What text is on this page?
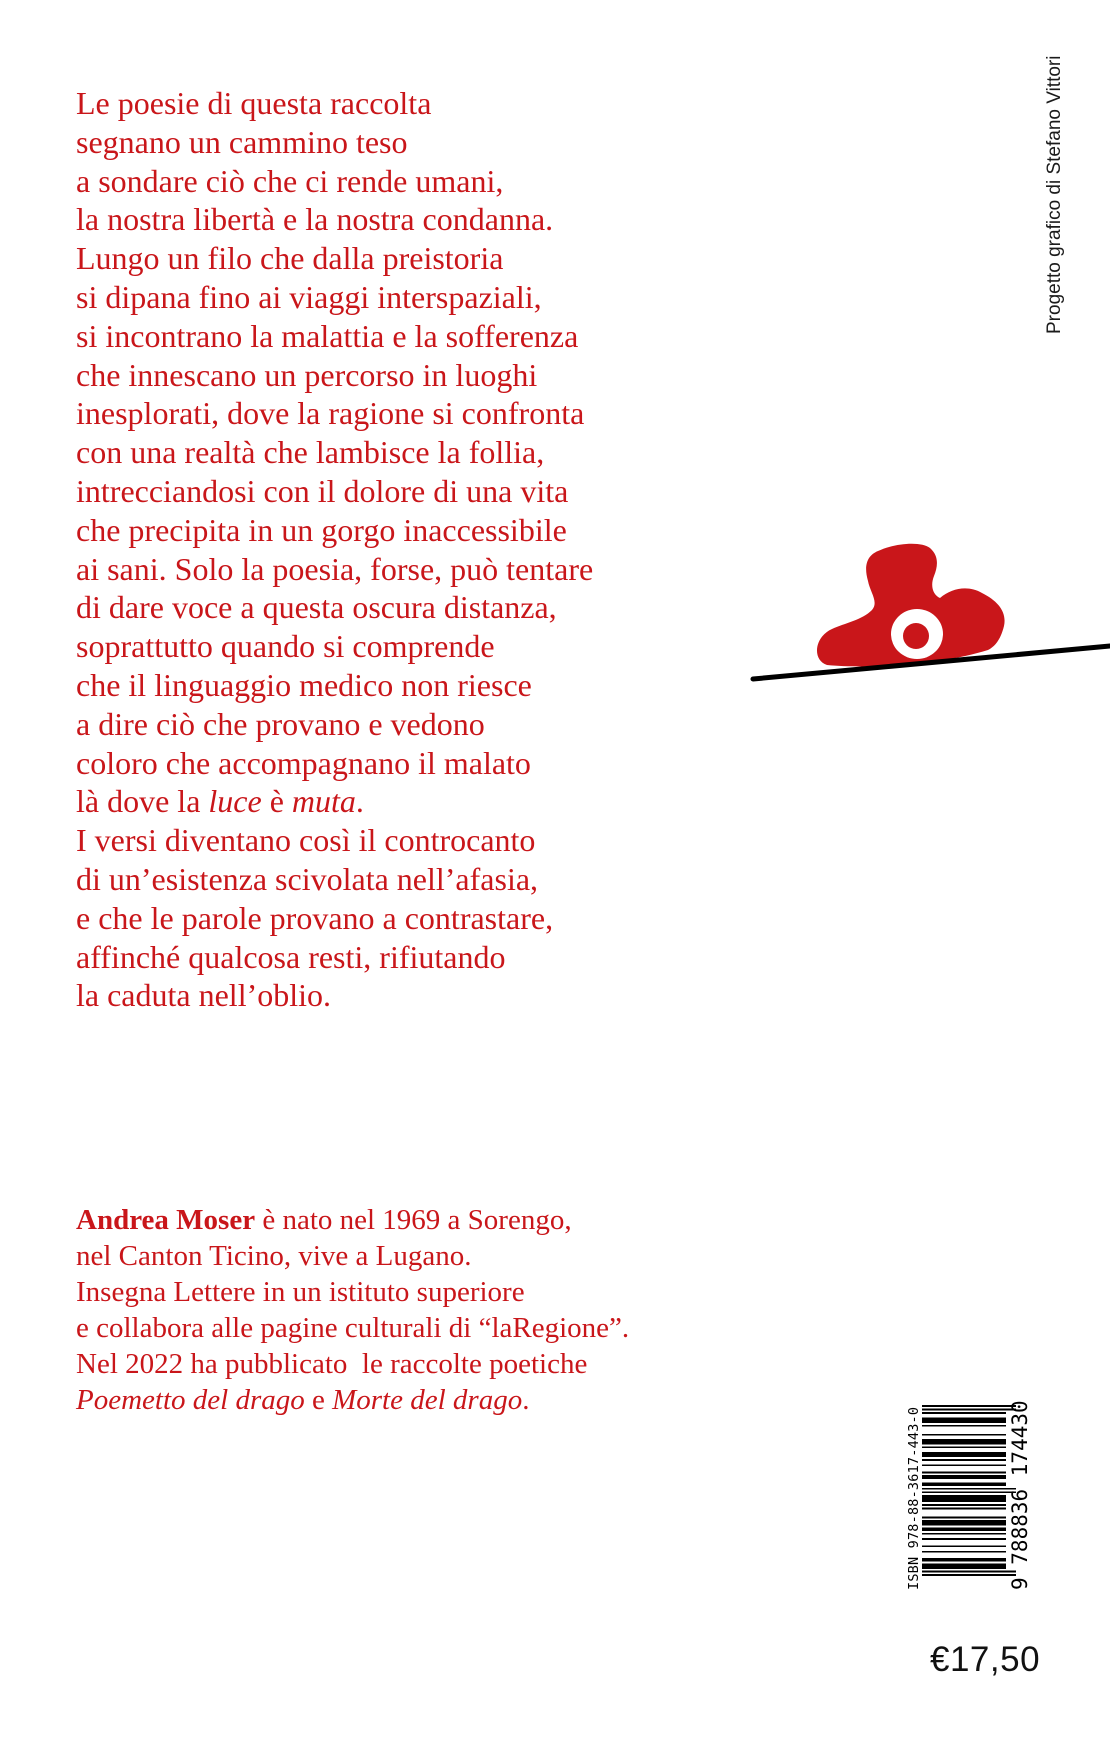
Le poesie di questa raccolta
segnano un cammino teso
a sondare ciò che ci rende umani,
la nostra libertà e la nostra condanna.
Lungo un filo che dalla preistoria
si dipana fino ai viaggi interspaziali,
si incontrano la malattia e la sofferenza
che innescano un percorso in luoghi
inesplorati, dove la ragione si confronta
con una realtà che lambisce la follia,
intrecciandosi con il dolore di una vita
che precipita in un gorgo inaccessibile
ai sani. Solo la poesia, forse, può tentare
di dare voce a questa oscura distanza,
soprattutto quando si comprende
che il linguaggio medico non riesce
a dire ciò che provano e vedono
coloro che accompagnano il malato
là dove la luce è muta.
I versi diventano così il controcanto
di un’esistenza scivolata nell’afasia,
e che le parole provano a contrastare,
affinché qualcosa resti, rifiutando
la caduta nell’oblio.
Andrea Moser è nato nel 1969 a Sorengo,
nel Canton Ticino, vive a Lugano.
Insegna Lettere in un istituto superiore
e collabora alle pagine culturali di “laRegione”.
Nel 2022 ha pubblicato  le raccolte poetiche
Poemetto del drago e Morte del drago.
Progetto grafico di Stefano Vittori
ISBN 978-88-3617-443-0	9 788836 174430
€17,50
